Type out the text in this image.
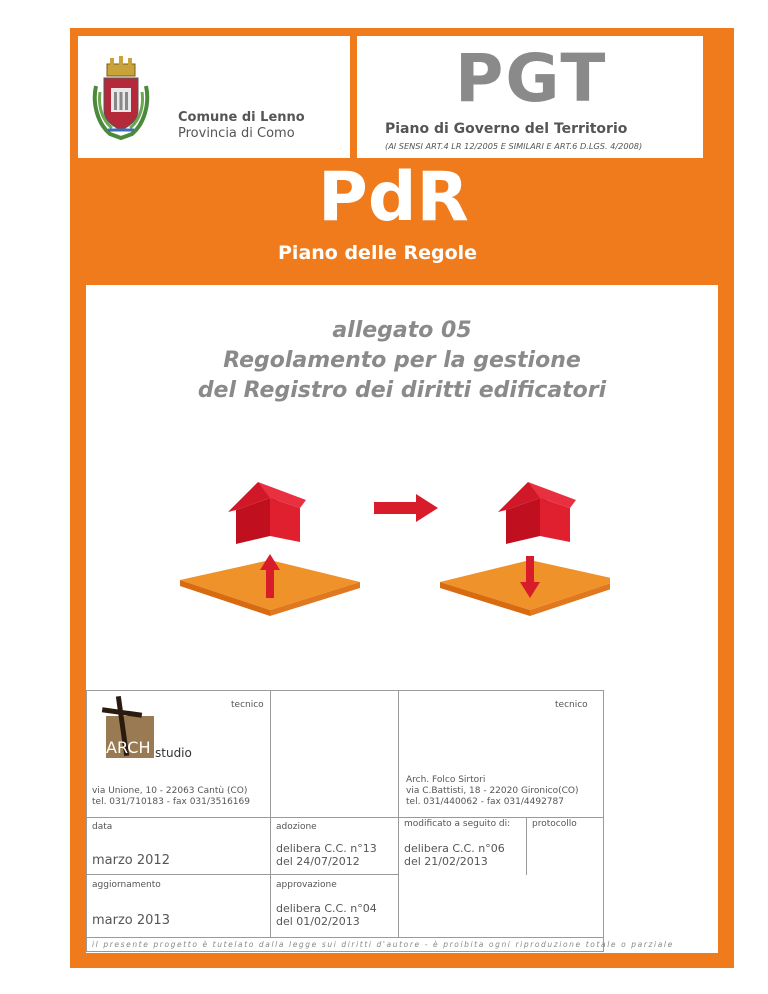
Comune di Lenno
Provincia di Como
PGT
Piano di Governo del Territorio
(AI SENSI ART.4 LR 12/2005 E SIMILARI E ART.6 D.LGS. 4/2008)
PdR
Piano delle Regole
allegato 05
Regolamento per la gestione
del Registro dei diritti edificatori
tecnico	tecnico
ARCH studio
via Unione, 10 - 22063 Cantù (CO)
tel. 031/710183 - fax 031/3516169
Arch. Folco Sirtori
via C.Battisti, 18 - 22020 Gironico(CO)
tel. 031/440062 - fax 031/4492787
data
marzo 2012
adozione
delibera C.C. n°13
del 24/07/2012
modificato a seguito di:
delibera C.C. n°06
del 21/02/2013
protocollo
aggiornamento
marzo 2013
approvazione
delibera C.C. n°04
del 01/02/2013
il presente progetto è tutelato dalla legge sui diritti d'autore - è proibita ogni riproduzione totale o parziale
